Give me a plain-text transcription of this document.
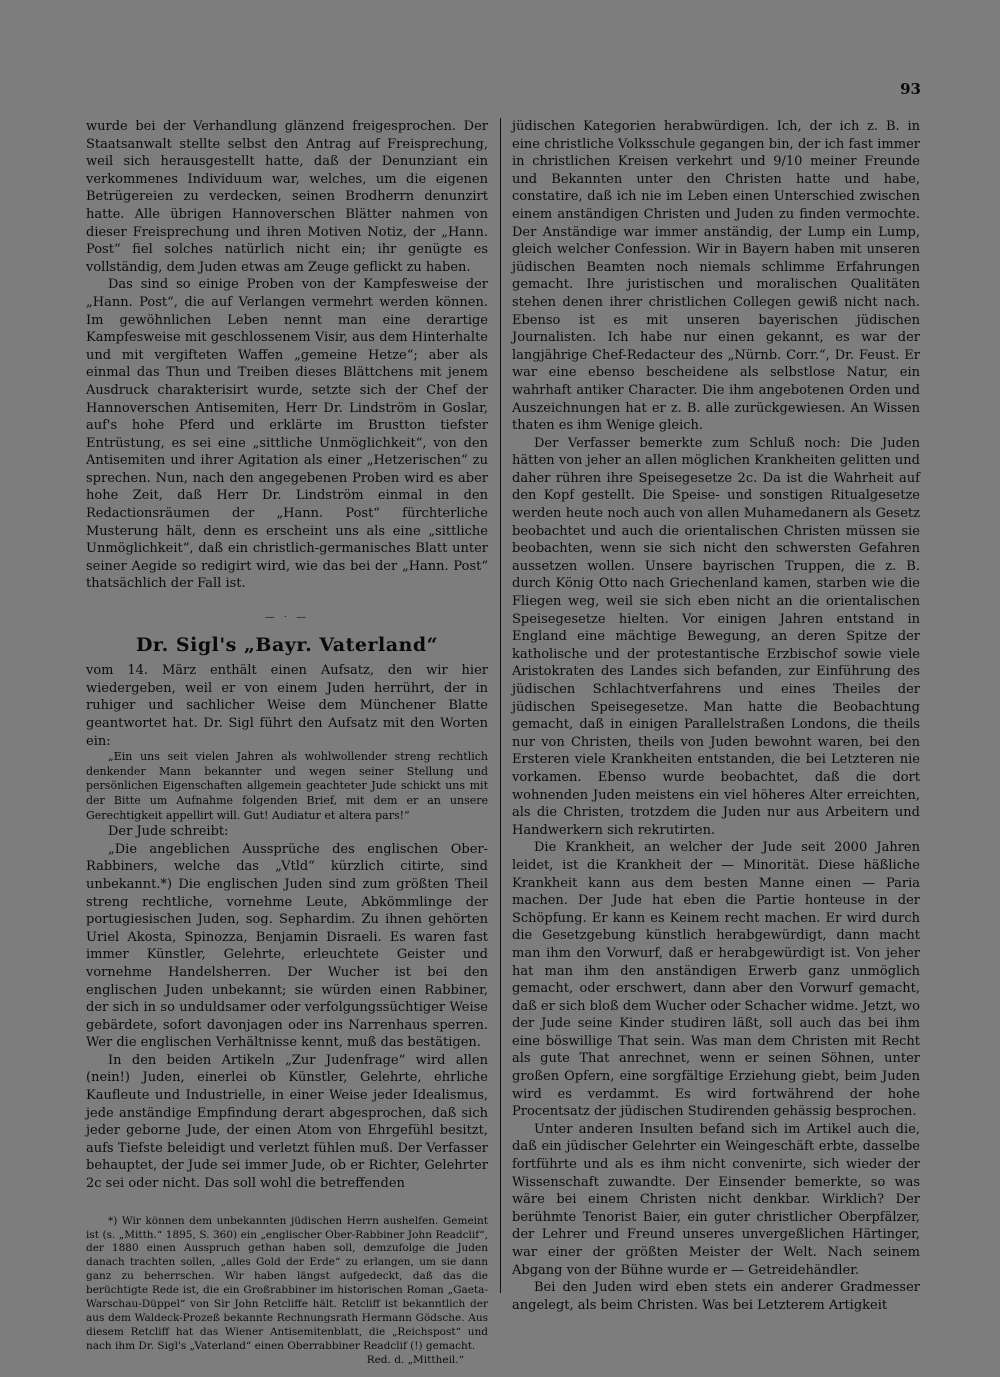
93

wurde bei der Verhandlung glänzend freigesprochen. Der Staatsanwalt stellte selbst den Antrag auf Freisprechung, weil sich herausgestellt hatte, daß der Denunziant ein verkommenes Individuum war, welches, um die eigenen Betrügereien zu verdecken, seinen Brodherrn denunzirt hatte. Alle übrigen Hannoverschen Blätter nahmen von dieser Freisprechung und ihren Motiven Notiz, der „Hann. Post“ fiel solches natürlich nicht ein; ihr genügte es vollständig, dem Juden etwas am Zeuge geflickt zu haben.

Das sind so einige Proben von der Kampfesweise der „Hann. Post“, die auf Verlangen vermehrt werden können. Im gewöhnlichen Leben nennt man eine derartige Kampfesweise mit geschlossenem Visir, aus dem Hinterhalte und mit vergifteten Waffen „gemeine Hetze“; aber als einmal das Thun und Treiben dieses Blättchens mit jenem Ausdruck charakterisirt wurde, setzte sich der Chef der Hannoverschen Antisemiten, Herr Dr. Lindström in Goslar, auf's hohe Pferd und erklärte im Brustton tiefster Entrüstung, es sei eine „sittliche Unmöglichkeit“, von den Antisemiten und ihrer Agitation als einer „Hetzerischen“ zu sprechen. Nun, nach den angegebenen Proben wird es aber hohe Zeit, daß Herr Dr. Lindström einmal in den Redactionsräumen der „Hann. Post“ fürchterliche Musterung hält, denn es erscheint uns als eine „sittliche Unmöglichkeit“, daß ein christlich-germanisches Blatt unter seiner Aegide so redigirt wird, wie das bei der „Hann. Post“ thatsächlich der Fall ist.

— · —
Dr. Sigl's „Bayr. Vaterland“

vom 14. März enthält einen Aufsatz, den wir hier wiedergeben, weil er von einem Juden herrührt, der in ruhiger und sachlicher Weise dem Münchener Blatte geantwortet hat. Dr. Sigl führt den Aufsatz mit den Worten ein:

„Ein uns seit vielen Jahren als wohlwollender streng rechtlich denkender Mann bekannter und wegen seiner Stellung und persönlichen Eigenschaften allgemein geachteter Jude schickt uns mit der Bitte um Aufnahme folgenden Brief, mit dem er an unsere Gerechtigkeit appellirt will. Gut! Audiatur et altera pars!“

Der Jude schreibt:

„Die angeblichen Aussprüche des englischen Ober-Rabbiners, welche das „Vtld“ kürzlich citirte, sind unbekannt.*) Die englischen Juden sind zum größten Theil streng rechtliche, vornehme Leute, Abkömmlinge der portugiesischen Juden, sog. Sephardim. Zu ihnen gehörten Uriel Akosta, Spinozza, Benjamin Disraeli. Es waren fast immer Künstler, Gelehrte, erleuchtete Geister und vornehme Handelsherren. Der Wucher ist bei den englischen Juden unbekannt; sie würden einen Rabbiner, der sich in so unduldsamer oder verfolgungssüchtiger Weise gebärdete, sofort davonjagen oder ins Narrenhaus sperren. Wer die englischen Verhältnisse kennt, muß das bestätigen.

In den beiden Artikeln „Zur Judenfrage“ wird allen (nein!) Juden, einerlei ob Künstler, Gelehrte, ehrliche Kaufleute und Industrielle, in einer Weise jeder Idealismus, jede anständige Empfindung derart abgesprochen, daß sich jeder geborne Jude, der einen Atom von Ehrgefühl besitzt, aufs Tiefste beleidigt und verletzt fühlen muß. Der Verfasser behauptet, der Jude sei immer Jude, ob er Richter, Gelehrter 2c sei oder nicht. Das soll wohl die betreffenden

*) Wir können dem unbekannten jüdischen Herrn aushelfen. Gemeint ist (s. „Mitth.“ 1895, S. 360) ein „englischer Ober-Rabbiner John Readclif“, der 1880 einen Ausspruch gethan haben soll, demzufolge die Juden danach trachten sollen, „alles Gold der Erde“ zu erlangen, um sie dann ganz zu beherrschen. Wir haben längst aufgedeckt, daß das die berüchtigte Rede ist, die ein Großrabbiner im historischen Roman „Gaeta-Warschau-Düppel“ von Sir John Retcliffe hält. Retcliff ist bekanntlich der aus dem Waldeck-Prozeß bekannte Rechnungsrath Hermann Gödsche. Aus diesem Retcliff hat das Wiener Antisemitenblatt, die „Reichspost“ und nach ihm Dr. Sigl's „Vaterland“ einen Oberrabbiner Readclif (!) gemacht.

Red. d. „Mittheil.“

jüdischen Kategorien herabwürdigen. Ich, der ich z. B. in eine christliche Volksschule gegangen bin, der ich fast immer in christlichen Kreisen verkehrt und 9/10 meiner Freunde und Bekannten unter den Christen hatte und habe, constatire, daß ich nie im Leben einen Unterschied zwischen einem anständigen Christen und Juden zu finden vermochte. Der Anständige war immer anständig, der Lump ein Lump, gleich welcher Confession. Wir in Bayern haben mit unseren jüdischen Beamten noch niemals schlimme Erfahrungen gemacht. Ihre juristischen und moralischen Qualitäten stehen denen ihrer christlichen Collegen gewiß nicht nach. Ebenso ist es mit unseren bayerischen jüdischen Journalisten. Ich habe nur einen gekannt, es war der langjährige Chef-Redacteur des „Nürnb. Corr.“, Dr. Feust. Er war eine ebenso bescheidene als selbstlose Natur, ein wahrhaft antiker Character. Die ihm angebotenen Orden und Auszeichnungen hat er z. B. alle zurückgewiesen. An Wissen thaten es ihm Wenige gleich.

Der Verfasser bemerkte zum Schluß noch: Die Juden hätten von jeher an allen möglichen Krankheiten gelitten und daher rühren ihre Speisegesetze 2c. Da ist die Wahrheit auf den Kopf gestellt. Die Speise- und sonstigen Ritualgesetze werden heute noch auch von allen Muhamedanern als Gesetz beobachtet und auch die orientalischen Christen müssen sie beobachten, wenn sie sich nicht den schwersten Gefahren aussetzen wollen. Unsere bayrischen Truppen, die z. B. durch König Otto nach Griechenland kamen, starben wie die Fliegen weg, weil sie sich eben nicht an die orientalischen Speisegesetze hielten. Vor einigen Jahren entstand in England eine mächtige Bewegung, an deren Spitze der katholische und der protestantische Erzbischof sowie viele Aristokraten des Landes sich befanden, zur Einführung des jüdischen Schlachtverfahrens und eines Theiles der jüdischen Speisegesetze. Man hatte die Beobachtung gemacht, daß in einigen Parallelstraßen Londons, die theils nur von Christen, theils von Juden bewohnt waren, bei den Ersteren viele Krankheiten entstanden, die bei Letzteren nie vorkamen. Ebenso wurde beobachtet, daß die dort wohnenden Juden meistens ein viel höheres Alter erreichten, als die Christen, trotzdem die Juden nur aus Arbeitern und Handwerkern sich rekrutirten.

Die Krankheit, an welcher der Jude seit 2000 Jahren leidet, ist die Krankheit der — Minorität. Diese häßliche Krankheit kann aus dem besten Manne einen — Paria machen. Der Jude hat eben die Partie honteuse in der Schöpfung. Er kann es Keinem recht machen. Er wird durch die Gesetzgebung künstlich herabgewürdigt, dann macht man ihm den Vorwurf, daß er herabgewürdigt ist. Von jeher hat man ihm den anständigen Erwerb ganz unmöglich gemacht, oder erschwert, dann aber den Vorwurf gemacht, daß er sich bloß dem Wucher oder Schacher widme. Jetzt, wo der Jude seine Kinder studiren läßt, soll auch das bei ihm eine böswillige That sein. Was man dem Christen mit Recht als gute That anrechnet, wenn er seinen Söhnen, unter großen Opfern, eine sorgfältige Erziehung giebt, beim Juden wird es verdammt. Es wird fortwährend der hohe Procentsatz der jüdischen Studirenden gehässig besprochen.

Unter anderen Insulten befand sich im Artikel auch die, daß ein jüdischer Gelehrter ein Weingeschäft erbte, dasselbe fortführte und als es ihm nicht convenirte, sich wieder der Wissenschaft zuwandte. Der Einsender bemerkte, so was wäre bei einem Christen nicht denkbar. Wirklich? Der berühmte Tenorist Baier, ein guter christlicher Oberpfälzer, der Lehrer und Freund unseres unvergeßlichen Härtinger, war einer der größten Meister der Welt. Nach seinem Abgang von der Bühne wurde er — Getreidehändler.

Bei den Juden wird eben stets ein anderer Gradmesser angelegt, als beim Christen. Was bei Letzterem Artigkeit
